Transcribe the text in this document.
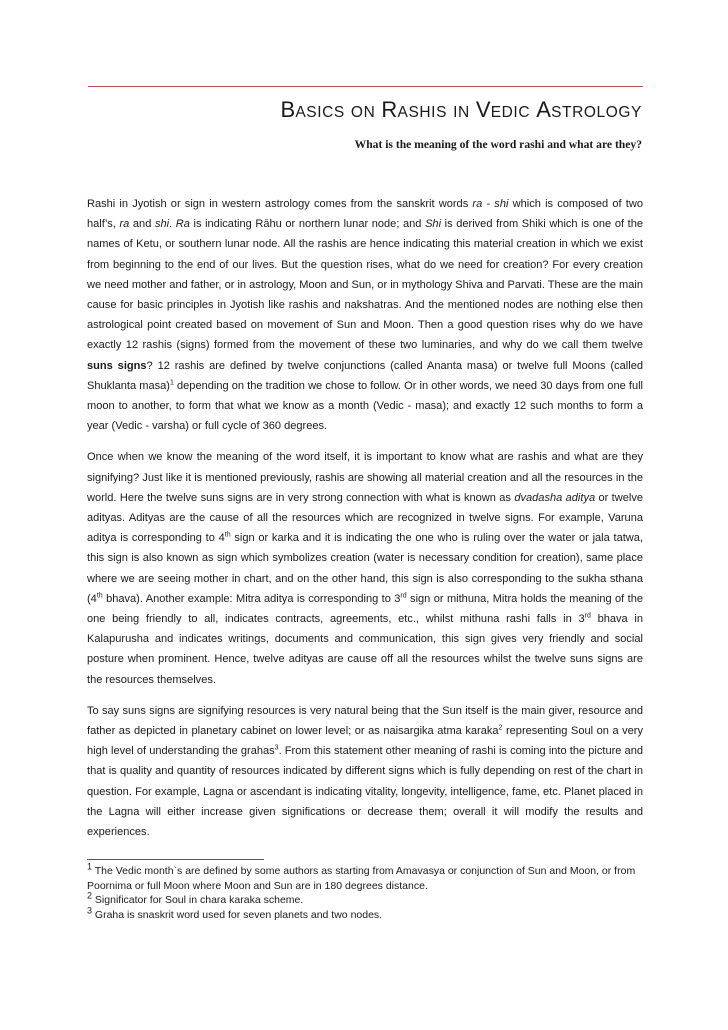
BASICS ON RASHIS IN VEDIC ASTROLOGY
What is the meaning of the word rashi and what are they?

Rashi in Jyotish or sign in western astrology comes from the sanskrit words ra - shi which is composed of two half’s, ra and shi. Ra is indicating Rāhu or northern lunar node; and Shi is derived from Shiki which is one of the names of Ketu, or southern lunar node. All the rashis are hence indicating this material creation in which we exist from beginning to the end of our lives. But the question rises, what do we need for creation? For every creation we need mother and father, or in astrology, Moon and Sun, or in mythology Shiva and Parvati. These are the main cause for basic principles in Jyotish like rashis and nakshatras. And the mentioned nodes are nothing else then astrological point created based on movement of Sun and Moon. Then a good question rises why do we have exactly 12 rashis (signs) formed from the movement of these two luminaries, and why do we call them twelve suns signs? 12 rashis are defined by twelve conjunctions (called Ananta masa) or twelve full Moons (called Shuklanta masa)$^1$ depending on the tradition we chose to follow. Or in other words, we need 30 days from one full moon to another, to form that what we know as a month (Vedic - masa); and exactly 12 such months to form a year (Vedic - varsha) or full cycle of 360 degrees.

Once when we know the meaning of the word itself, it is important to know what are rashis and what are they signifying? Just like it is mentioned previously, rashis are showing all material creation and all the resources in the world. Here the twelve suns signs are in very strong connection with what is known as dvadasha aditya or twelve adityas. Adityas are the cause of all the resources which are recognized in twelve signs. For example, Varuna aditya is corresponding to 4th sign or karka and it is indicating the one who is ruling over the water or jala tatwa, this sign is also known as sign which symbolizes creation (water is necessary condition for creation), same place where we are seeing mother in chart, and on the other hand, this sign is also corresponding to the sukha sthana (4th bhava). Another example: Mitra aditya is corresponding to 3rd sign or mithuna, Mitra holds the meaning of the one being friendly to all, indicates contracts, agreements, etc., whilst mithuna rashi falls in 3rd bhava in Kalapurusha and indicates writings, documents and communication, this sign gives very friendly and social posture when prominent. Hence, twelve adityas are cause off all the resources whilst the twelve suns signs are the resources themselves.

To say suns signs are signifying resources is very natural being that the Sun itself is the main giver, resource and father as depicted in planetary cabinet on lower level; or as naisargika atma karaka$^2$ representing Soul on a very high level of understanding the grahas$^3$. From this statement other meaning of rashi is coming into the picture and that is quality and quantity of resources indicated by different signs which is fully depending on rest of the chart in question. For example, Lagna or ascendant is indicating vitality, longevity, intelligence, fame, etc. Planet placed in the Lagna will either increase given significations or decrease them; overall it will modify the results and experiences.

$^1$ The Vedic month`s are defined by some authors as starting from Amavasya or conjunction of Sun and Moon, or from Poornima or full Moon where Moon and Sun are in 180 degrees distance.
$^2$ Significator for Soul in chara karaka scheme.
$^3$ Graha is snaskrit word used for seven planets and two nodes.
